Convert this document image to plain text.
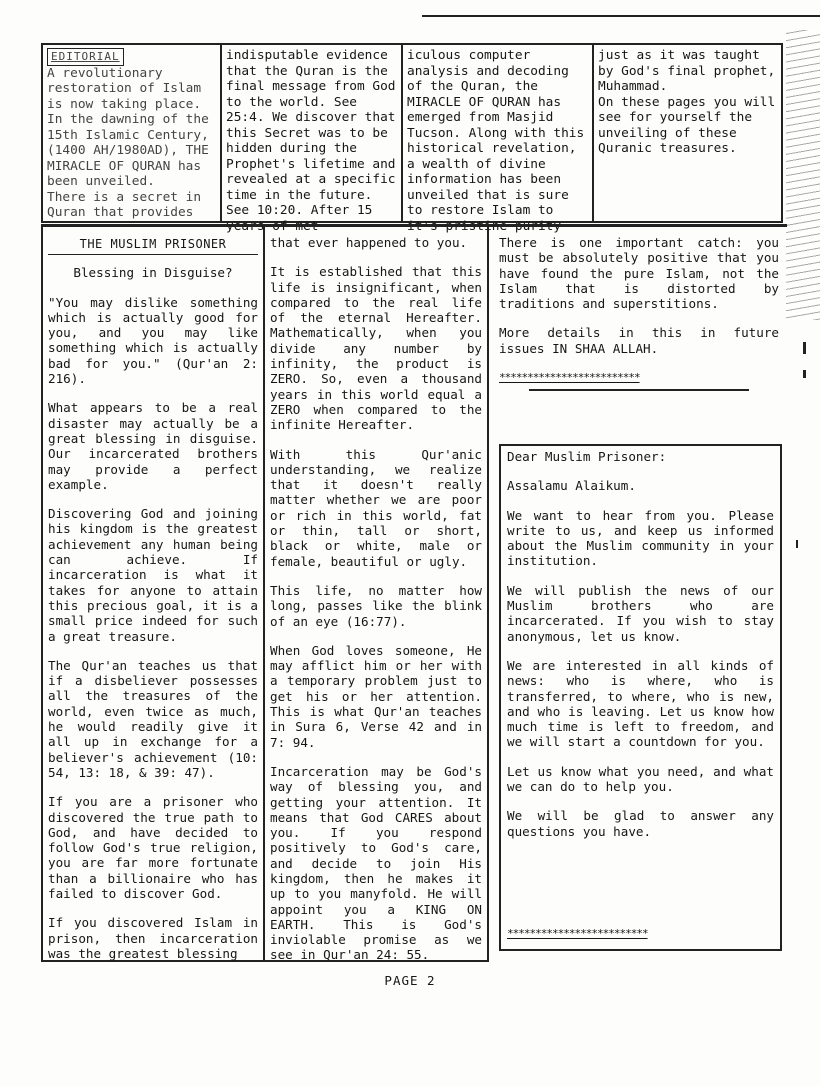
EDITORIAL
A revolutionary restoration of Islam is now taking place.
In the dawning of the 15th Islamic Century, (1400 AH/1980AD), THE MIRACLE OF QURAN has been unveiled.
There is a secret in Quran that provides
indisputable evidence that the Quran is the final message from God to the world. See 25:4. We discover that this Secret was to be hidden during the Prophet's lifetime and revealed at a specific time in the future. See 10:20. After 15
iculous computer analysis and decoding of the Quran, the MIRACLE OF QURAN has emerged from Masjid Tucson. Along with this historical revelation, a wealth of divine information has been unveiled that is sure to restore Islam to
just as it was taught by God's final prophet, Muhammad.
On these pages you will see for yourself the unveiling of these Quranic treasures.
THE MUSLIM PRISONER
Blessing in Disguise?

"You may dislike something which is actually good for you, and you may like something which is actually bad for you." (Qur'an 2: 216).

What appears to be a real disaster may actually be a great blessing in disguise. Our incarcerated brothers may provide a perfect example.

Discovering God and joining his kingdom is the greatest achievement any human being can achieve. If incarceration is what it takes for anyone to attain this precious goal, it is a small price indeed for such a great treasure.

The Qur'an teaches us that if a disbeliever possesses all the treasures of the world, even twice as much, he would readily give it all up in exchange for a believer's achievement (10: 54, 13: 18, & 39: 47).

If you are a prisoner who discovered the true path to God, and have decided to follow God's true religion, you are far more fortunate than a billionaire who has failed to discover God.

If you discovered Islam in prison, then incarceration was the greatest blessing

that ever happened to you.

It is established that this life is insignificant, when compared to the real life of the eternal Hereafter. Mathematically, when you divide any number by infinity, the product is ZERO. So, even a thousand years in this world equal a ZERO when compared to the infinite Hereafter.

With this Qur'anic understanding, we realize that it doesn't really matter whether we are poor or rich in this world, fat or thin, tall or short, black or white, male or female, beautiful or ugly.

This life, no matter how long, passes like the blink of an eye (16:77).

When God loves someone, He may afflict him or her with a temporary problem just to get his or her attention. This is what Qur'an teaches in Sura 6, Verse 42 and in 7: 94.

Incarceration may be God's way of blessing you, and getting your attention. It means that God CARES about you. If you respond positively to God's care, and decide to join His kingdom, then he makes it up to you manyfold. He will appoint you a KING ON EARTH. This is God's inviolable promise as we see in Qur'an 24: 55.

There is one important catch: you must be absolutely positive that you have found the pure Islam, not the Islam that is distorted by traditions and superstitions.

More details in this in future issues IN SHAA ALLAH.

*************************

Dear Muslim Prisoner:

Assalamu Alaikum.

We want to hear from you. Please write to us, and keep us informed about the Muslim community in your institution.

We will publish the news of our Muslim brothers who are incarcerated. If you wish to stay anonymous, let us know.

We are interested in all kinds of news: who is where, who is transferred, to where, who is new, and who is leaving. Let us know how much time is left to freedom, and we will start a countdown for you.

Let us know what you need, and what we can do to help you.

We will be glad to answer any questions you have.

*************************
PAGE 2
